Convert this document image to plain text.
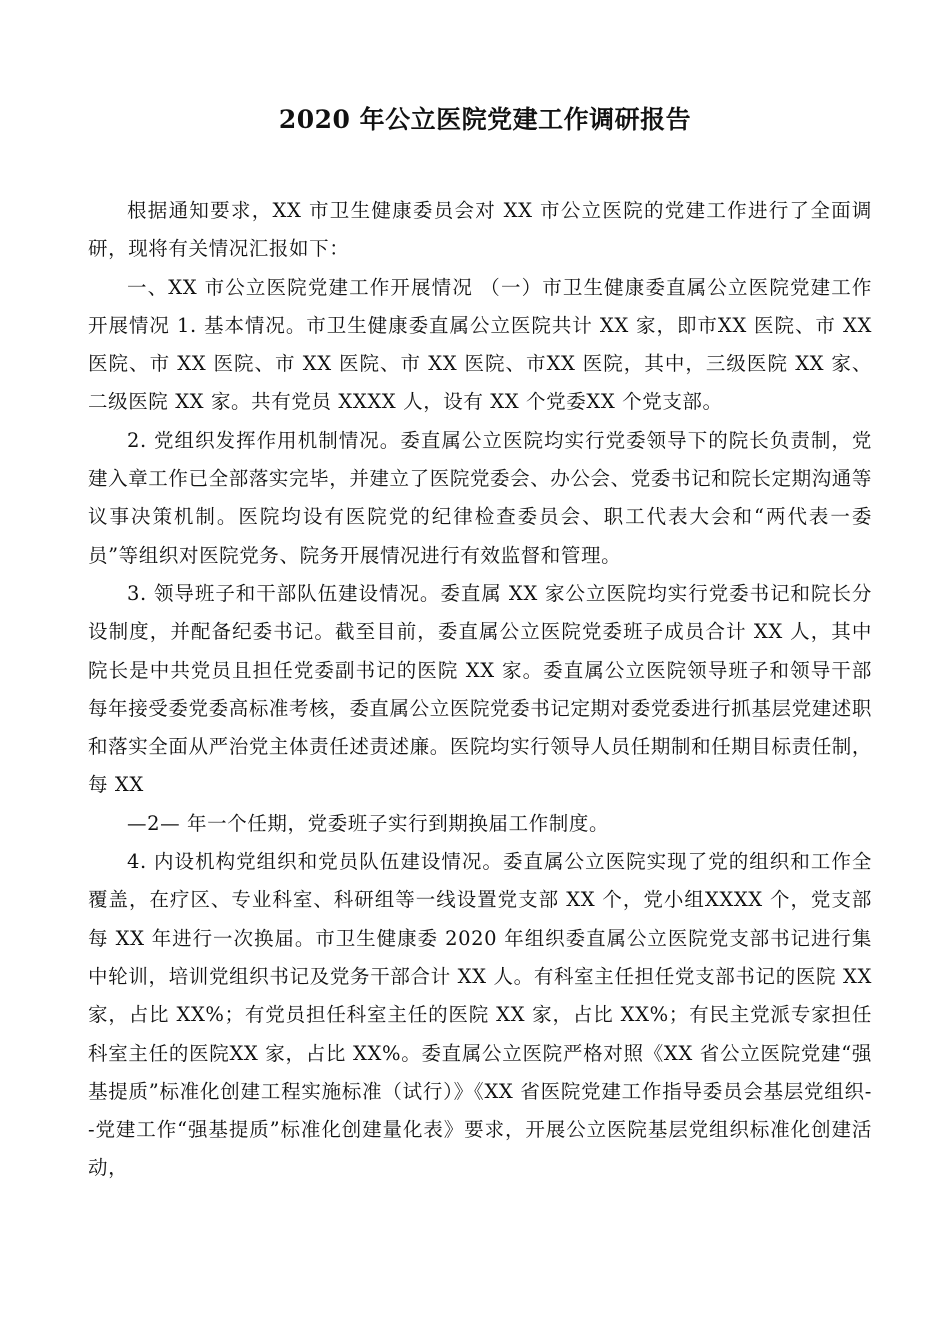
2020 年公立医院党建工作调研报告

根据通知要求，XX 市卫生健康委员会对 XX 市公立医院的党建工作进行了全面调研，现将有关情况汇报如下：

一、XX 市公立医院党建工作开展情况 （一）市卫生健康委直属公立医院党建工作开展情况 1. 基本情况。市卫生健康委直属公立医院共计 XX 家，即市XX 医院、市 XX 医院、市 XX 医院、市 XX 医院、市 XX 医院、市XX 医院，其中，三级医院 XX 家、二级医院 XX 家。共有党员 XXXX 人，设有 XX 个党委XX 个党支部。

2. 党组织发挥作用机制情况。委直属公立医院均实行党委领导下的院长负责制，党建入章工作已全部落实完毕，并建立了医院党委会、办公会、党委书记和院长定期沟通等议事决策机制。医院均设有医院党的纪律检查委员会、职工代表大会和“两代表一委员”等组织对医院党务、院务开展情况进行有效监督和管理。

3. 领导班子和干部队伍建设情况。委直属 XX 家公立医院均实行党委书记和院长分设制度，并配备纪委书记。截至目前，委直属公立医院党委班子成员合计 XX 人，其中院长是中共党员且担任党委副书记的医院 XX 家。委直属公立医院领导班子和领导干部每年接受委党委高标准考核，委直属公立医院党委书记定期对委党委进行抓基层党建述职和落实全面从严治党主体责任述责述廉。医院均实行领导人员任期制和任期目标责任制，每 XX

—2— 年一个任期，党委班子实行到期换届工作制度。

4. 内设机构党组织和党员队伍建设情况。委直属公立医院实现了党的组织和工作全覆盖，在疗区、专业科室、科研组等一线设置党支部 XX 个，党小组XXXX 个，党支部每 XX 年进行一次换届。市卫生健康委 2020 年组织委直属公立医院党支部书记进行集中轮训，培训党组织书记及党务干部合计 XX 人。有科室主任担任党支部书记的医院 XX 家，占比 XX%；有党员担任科室主任的医院 XX 家，占比 XX%；有民主党派专家担任科室主任的医院XX 家，占比 XX%。委直属公立医院严格对照《XX 省公立医院党建“强基提质”标准化创建工程实施标准（试行）》《XX 省医院党建工作指导委员会基层党组织--党建工作“强基提质”标准化创建量化表》要求，开展公立医院基层党组织标准化创建活动，
